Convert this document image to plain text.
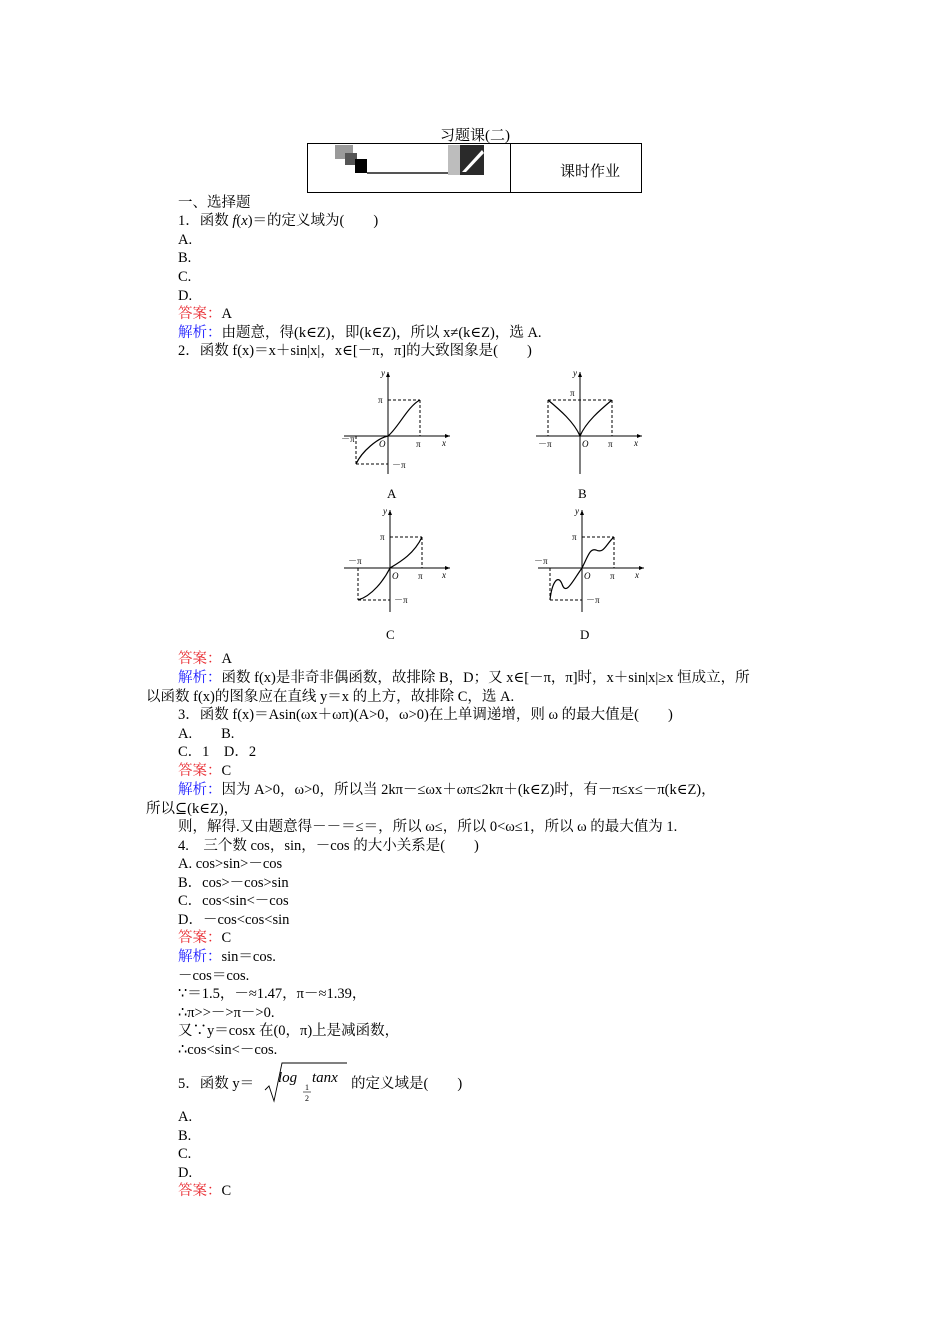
习题课(二)
课时作业
一、选择题
1．函数 f(x)＝的定义域为(　　)
A.
B.
C.
D.
答案：A
解析：由题意，得(k∈Z)，即(k∈Z)，所以 x≠(k∈Z)，选 A.
2．函数 f(x)＝x＋sin|x|，x∈[－π，π]的大致图象是(　　)
y
x
O
π
π
－π
－π
A
y
x
O
π
π
－π
B
y
x
O
π
π
－π
－π
C
y
x
O
π
π
－π
－π
D
答案：A
解析：函数 f(x)是非奇非偶函数，故排除 B，D；又 x∈[－π，π]时，x＋sin|x|≥x 恒成立，所
以函数 f(x)的图象应在直线 y＝x 的上方，故排除 C，选 A.
3．函数 f(x)＝Asin(ωx＋ωπ)(A>0，ω>0)在上单调递增，则 ω 的最大值是(　　)
A.　　B.
C．1　D．2
答案：C
解析：因为 A>0，ω>0，所以当 2kπ－≤ωx＋ωπ≤2kπ＋(k∈Z)时，有－π≤x≤－π(k∈Z)，
所以⊆(k∈Z)，
则，解得.又由题意得－－＝≤＝，所以 ω≤，所以 0<ω≤1，所以 ω 的最大值为 1.
4.　三个数 cos，sin，－cos 的大小关系是(　　)
A. cos>sin>－cos
B．cos>－cos>sin
C．cos<sin<－cos
D．－cos<cos<sin
答案：C
解析：sin＝cos.
－cos＝cos.
∵＝1.5，－≈1.47，π－≈1.39，
∴π>>－>π－>0.
又∵y＝cosx 在(0，π)上是减函数，
∴cos<sin<－cos.
5．函数 y＝ log
1
2
tanx 的定义域是(　　)
A.
B.
C.
D.
答案：C
